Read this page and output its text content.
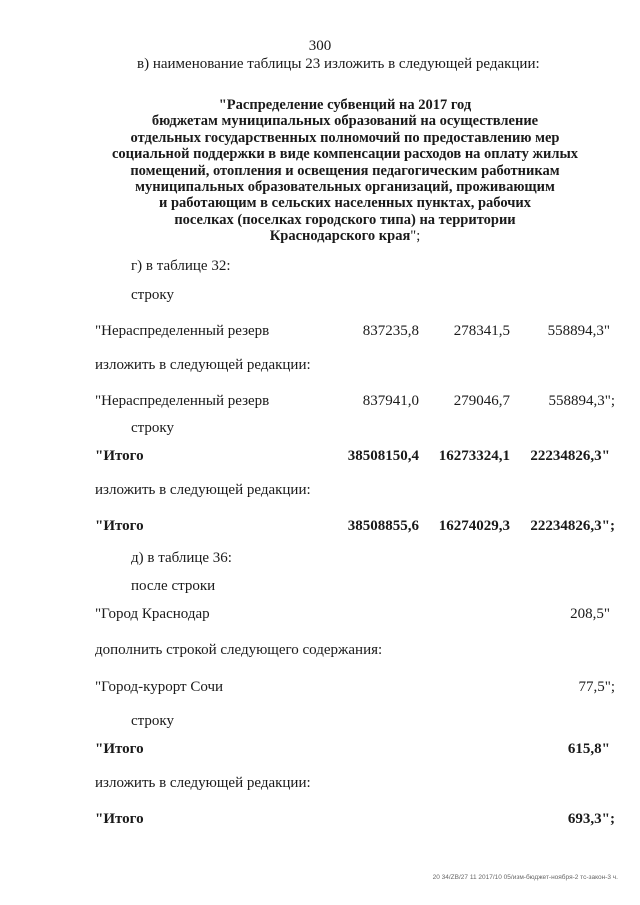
300
в) наименование таблицы 23 изложить в следующей редакции:
"Распределение субвенций на 2017 год
бюджетам муниципальных образований на осуществление
отдельных государственных полномочий по предоставлению мер
социальной поддержки в виде компенсации расходов на оплату жилых
помещений, отопления и освещения педагогическим работникам
муниципальных образовательных организаций, проживающим
и работающим в сельских населенных пунктах, рабочих
поселках (поселках городского типа) на территории
Краснодарского края";
г) в таблице 32:
строку
"Нераспределенный резерв	837235,8 278341,5	558894,3"
изложить в следующей редакции:
"Нераспределенный резерв	837941,0 279046,7	558894,3";
строку
"Итого	38508150,4 16273324,1 22234826,3"
изложить в следующей редакции:
"Итого	38508855,6 16274029,3 22234826,3";
д) в таблице 36:
после строки
"Город Краснодар	208,5"
дополнить строкой следующего содержания:
"Город-курорт Сочи	77,5";
строку
"Итого	615,8"
изложить в следующей редакции:
"Итого	693,3";
20 34/ZB/27 11 2017/10 05/изм-бюджет-ноября-2 тс-закон-3 ч.
